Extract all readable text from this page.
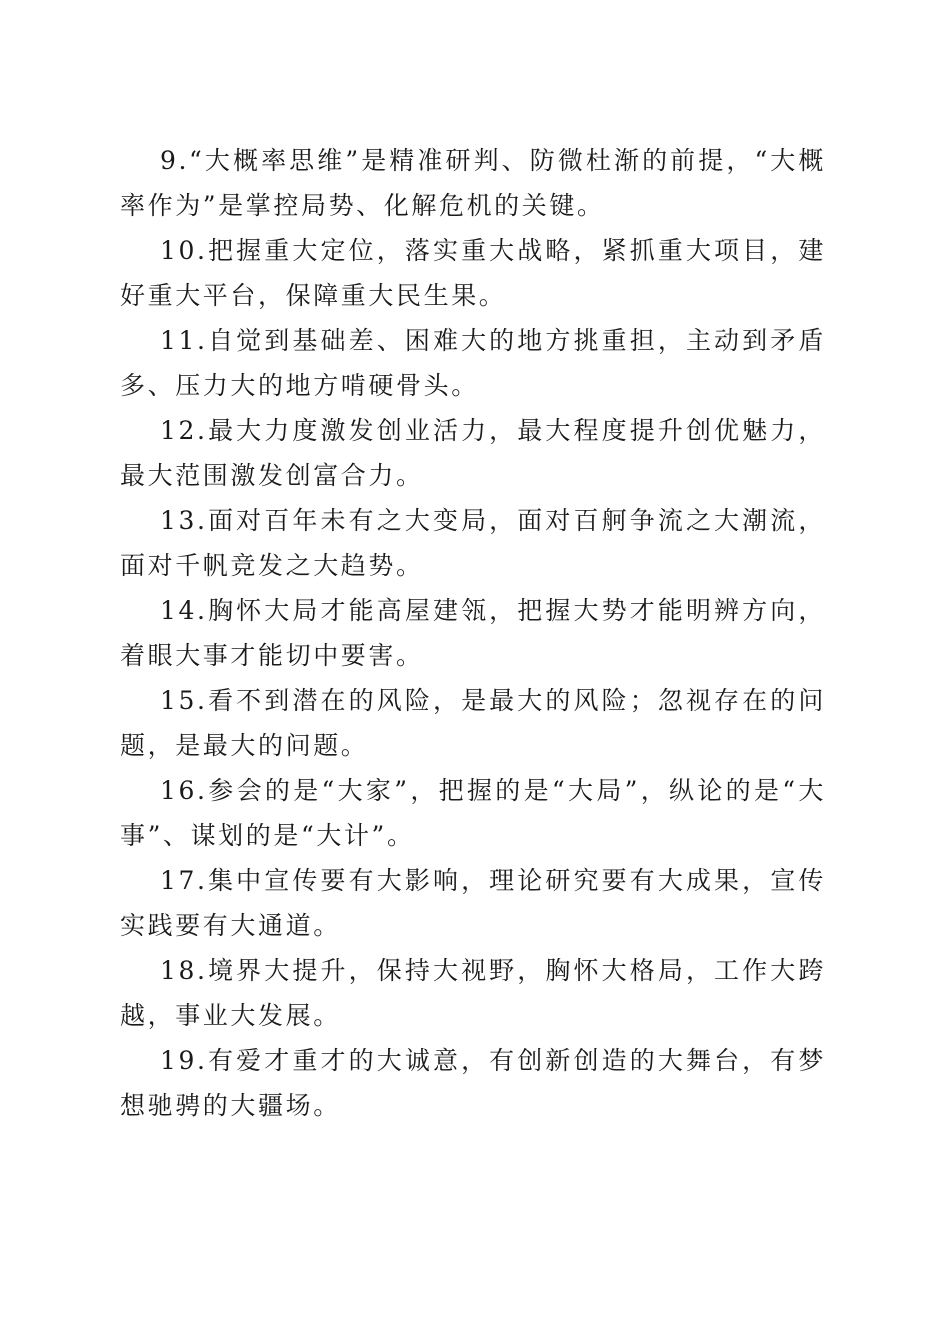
9.“大概率思维”是精准研判、防微杜渐的前提，“大概率作为”是掌控局势、化解危机的关键。

10.把握重大定位，落实重大战略，紧抓重大项目，建好重大平台，保障重大民生果。

11.自觉到基础差、困难大的地方挑重担，主动到矛盾多、压力大的地方啃硬骨头。

12.最大力度激发创业活力，最大程度提升创优魅力，最大范围激发创富合力。

13.面对百年未有之大变局，面对百舸争流之大潮流，面对千帆竞发之大趋势。

14.胸怀大局才能高屋建瓴，把握大势才能明辨方向，着眼大事才能切中要害。

15.看不到潜在的风险，是最大的风险；忽视存在的问题，是最大的问题。

16.参会的是“大家”，把握的是“大局”，纵论的是“大事”、谋划的是“大计”。

17.集中宣传要有大影响，理论研究要有大成果，宣传实践要有大通道。

18.境界大提升，保持大视野，胸怀大格局，工作大跨越，事业大发展。

19.有爱才重才的大诚意，有创新创造的大舞台，有梦想驰骋的大疆场。
